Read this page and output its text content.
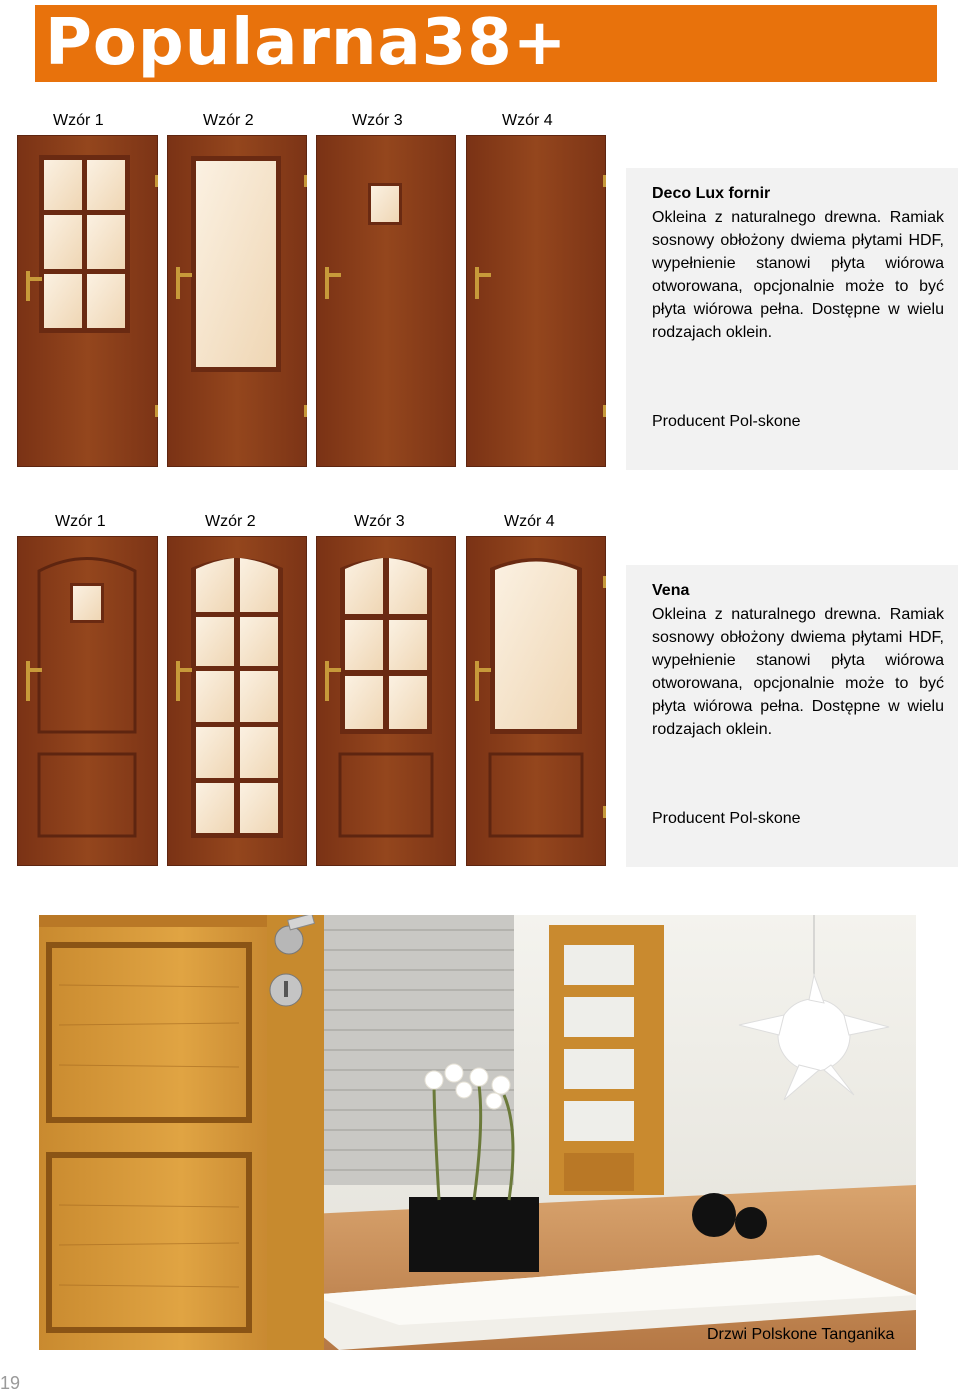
Popularna38+
Wzór 1	Wzór 2	Wzór 3	Wzór 4
Deco Lux fornir
Okleina z naturalnego drewna. Ramiak sosnowy obłożony dwiema płytami HDF, wypełnienie stanowi płyta wiórowa otworowana, opcjonalnie może to być płyta wiórowa pełna. Dostępne w wielu rodzajach oklein.
Producent Pol-skone
Wzór 1	Wzór 2	Wzór 3	Wzór 4
Vena
Okleina z naturalnego drewna. Ramiak sosnowy obłożony dwiema płytami HDF, wypełnienie stanowi płyta wiórowa otworowana, opcjonalnie może to być płyta wiórowa pełna. Dostępne w wielu rodzajach oklein.
Producent Pol-skone
Drzwi Polskone Tanganika
19
